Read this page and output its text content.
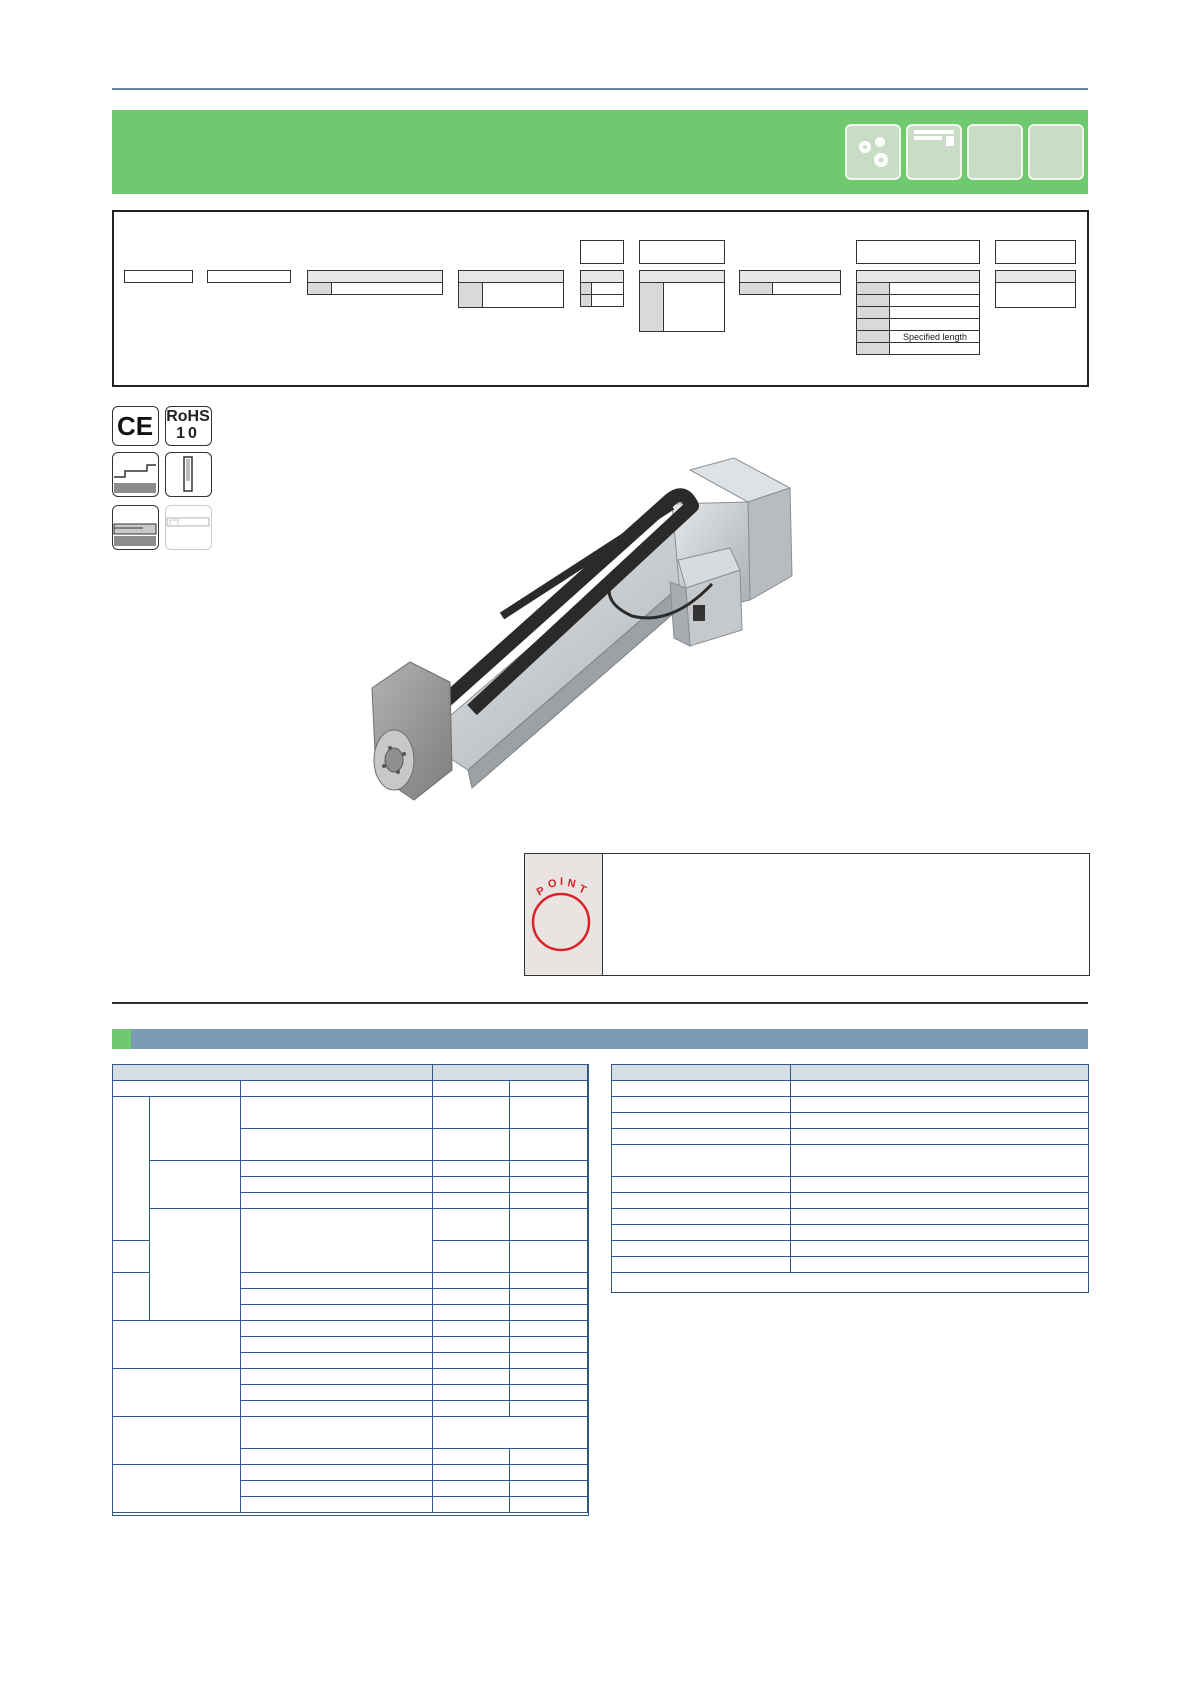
Specified length
CE RoHS
10
P
O I N T
